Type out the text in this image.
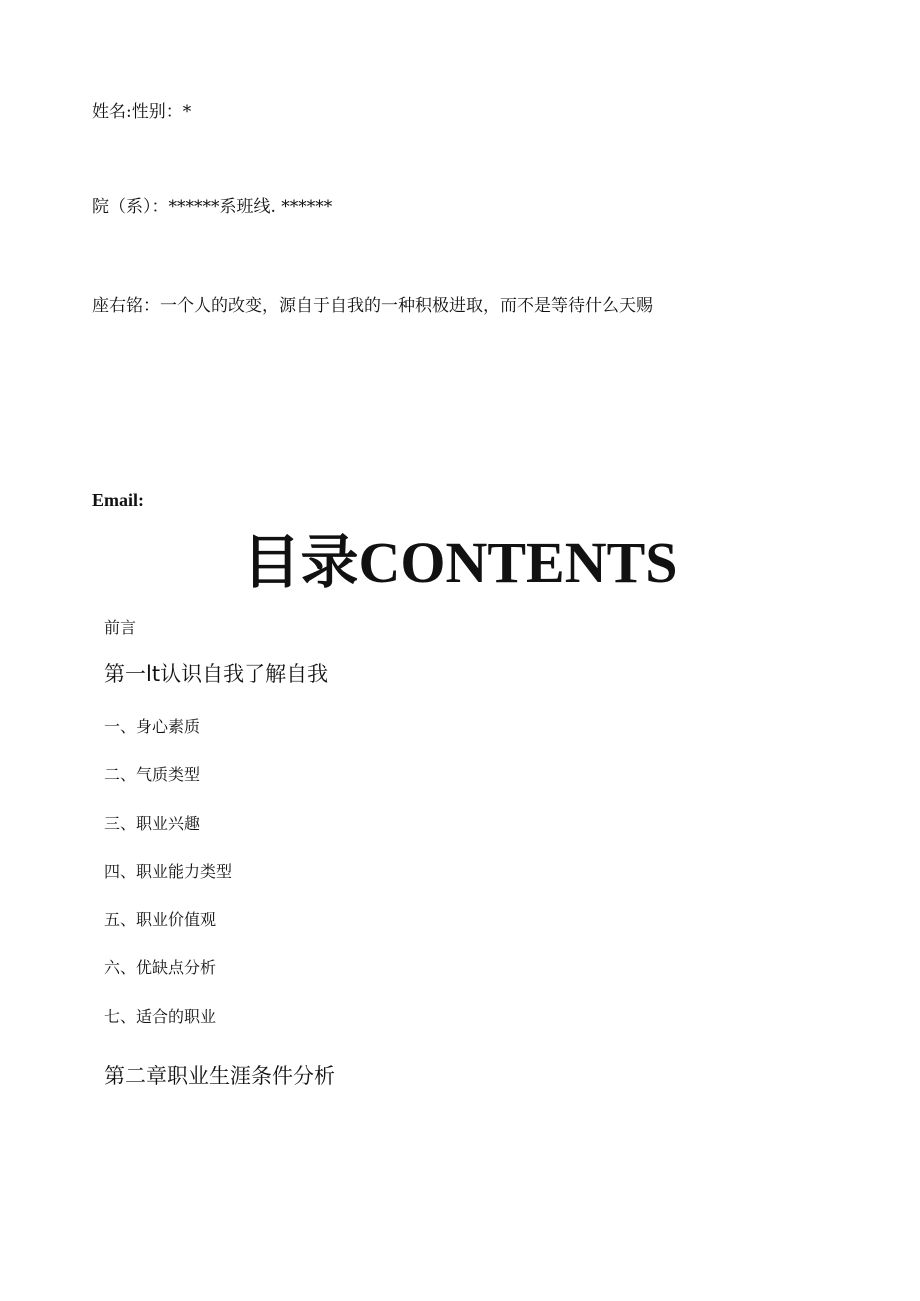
姓名:性别：*
院（系）：******系班线. ******
座右铭：一个人的改变，源自于自我的一种积极进取，而不是等待什么天赐
Email:
目录CONTENTS
前言
第一lt认识自我了解自我
一、身心素质
二、气质类型
三、职业兴趣
四、职业能力类型
五、职业价值观
六、优缺点分析
七、适合的职业
第二章职业生涯条件分析
